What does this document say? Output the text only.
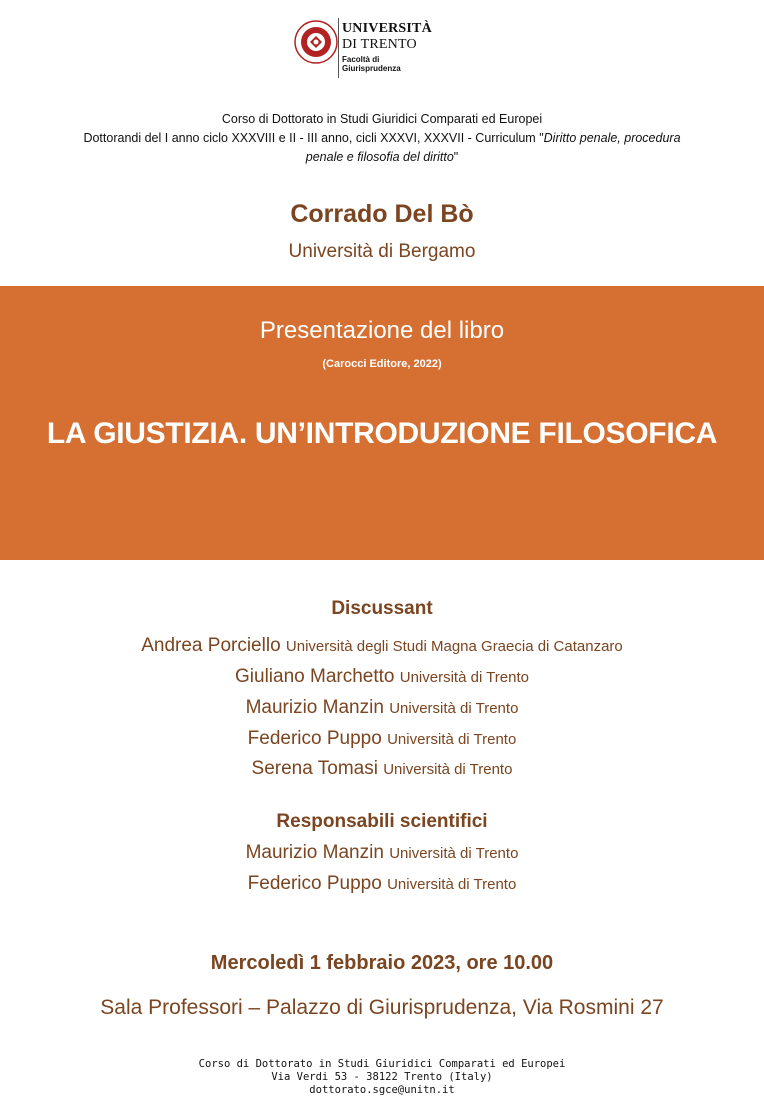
UNIVERSITÀ
DI TRENTO
Facoltà di
Giurisprudenza
Corso di Dottorato in Studi Giuridici Comparati ed Europei
Dottorandi del I anno ciclo XXXVIII e II - III anno, cicli XXXVI, XXXVII - Curriculum "Diritto penale, procedura
penale e filosofia del diritto"
Corrado Del Bò
Università di Bergamo
Presentazione del libro
(Carocci Editore, 2022)
LA GIUSTIZIA. UN’INTRODUZIONE FILOSOFICA
Discussant
Andrea Porciello Università degli Studi Magna Graecia di Catanzaro
Giuliano Marchetto Università di Trento
Maurizio Manzin Università di Trento
Federico Puppo Università di Trento
Serena Tomasi Università di Trento
Responsabili scientifici
Maurizio Manzin Università di Trento
Federico Puppo Università di Trento
Mercoledì 1 febbraio 2023, ore 10.00
Sala Professori – Palazzo di Giurisprudenza, Via Rosmini 27
Corso di Dottorato in Studi Giuridici Comparati ed Europei
Via Verdi 53 - 38122 Trento (Italy)
dottorato.sgce@unitn.it
